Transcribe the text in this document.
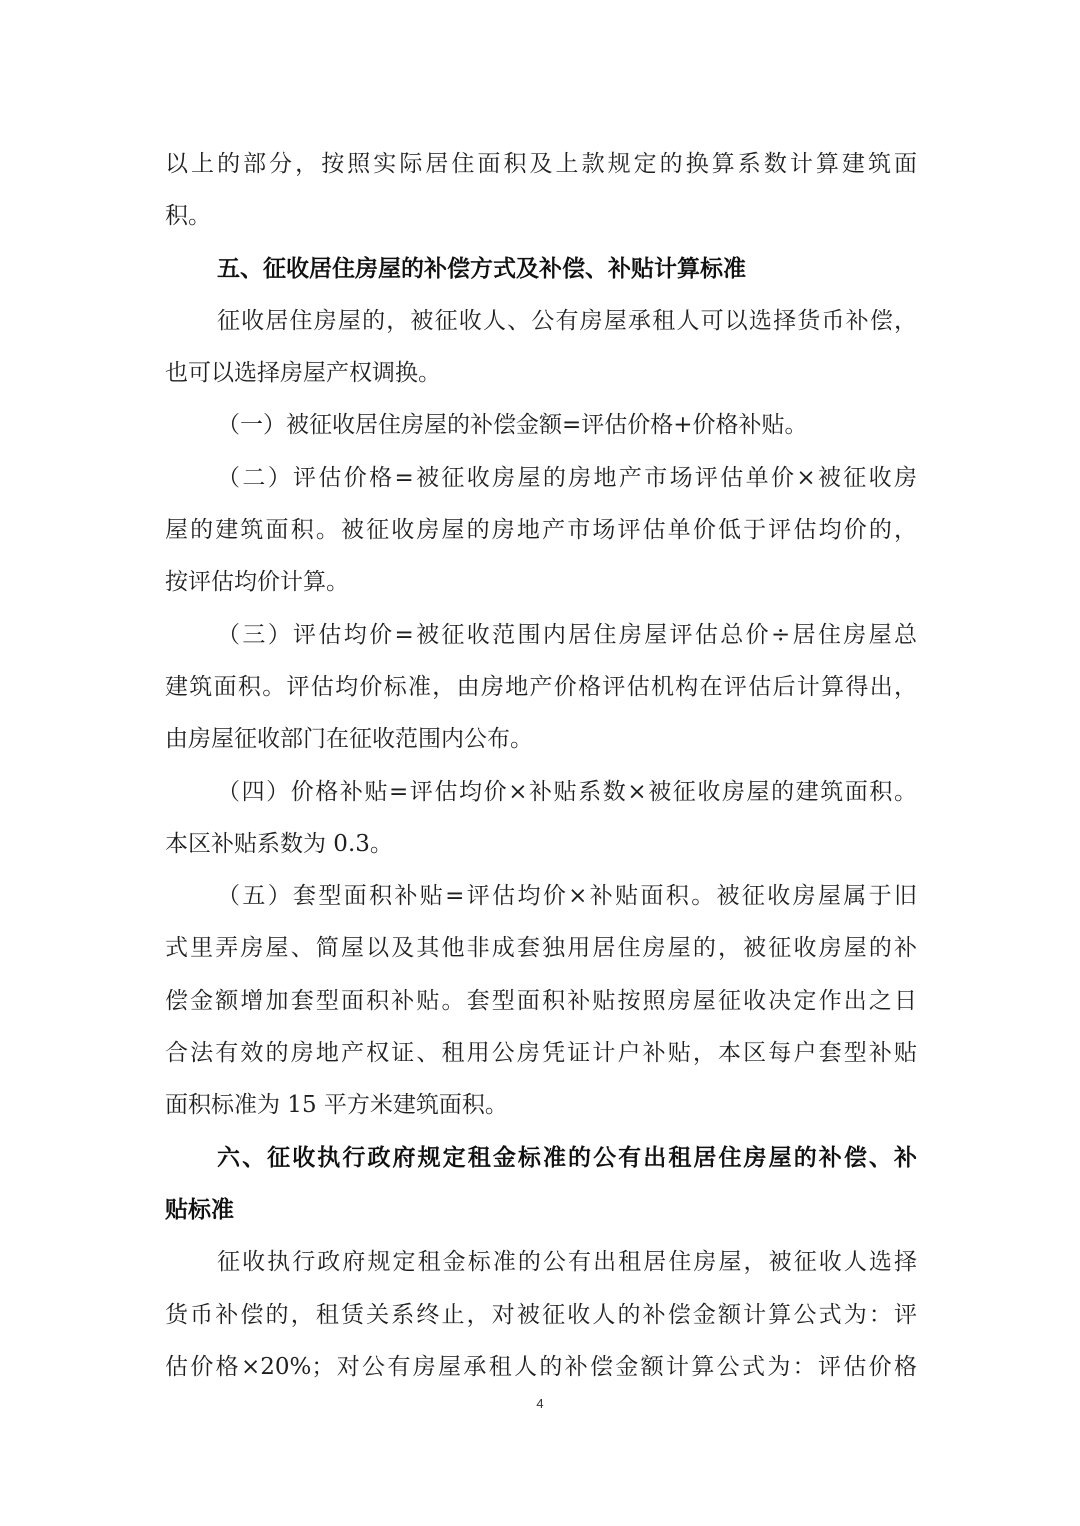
以上的部分，按照实际居住面积及上款规定的换算系数计算建筑面
积。
五、征收居住房屋的补偿方式及补偿、补贴计算标准
征收居住房屋的，被征收人、公有房屋承租人可以选择货币补偿，
也可以选择房屋产权调换。
（一）被征收居住房屋的补偿金额=评估价格+价格补贴。
（二）评估价格=被征收房屋的房地产市场评估单价×被征收房
屋的建筑面积。被征收房屋的房地产市场评估单价低于评估均价的，
按评估均价计算。
（三）评估均价=被征收范围内居住房屋评估总价÷居住房屋总
建筑面积。评估均价标准，由房地产价格评估机构在评估后计算得出，
由房屋征收部门在征收范围内公布。
（四）价格补贴=评估均价×补贴系数×被征收房屋的建筑面积。
本区补贴系数为 0.3。
（五）套型面积补贴=评估均价×补贴面积。被征收房屋属于旧
式里弄房屋、简屋以及其他非成套独用居住房屋的，被征收房屋的补
偿金额增加套型面积补贴。套型面积补贴按照房屋征收决定作出之日
合法有效的房地产权证、租用公房凭证计户补贴，本区每户套型补贴
面积标准为 15 平方米建筑面积。
六、征收执行政府规定租金标准的公有出租居住房屋的补偿、补
贴标准
征收执行政府规定租金标准的公有出租居住房屋，被征收人选择
货币补偿的，租赁关系终止，对被征收人的补偿金额计算公式为：评
估价格×20%；对公有房屋承租人的补偿金额计算公式为：评估价格
4
